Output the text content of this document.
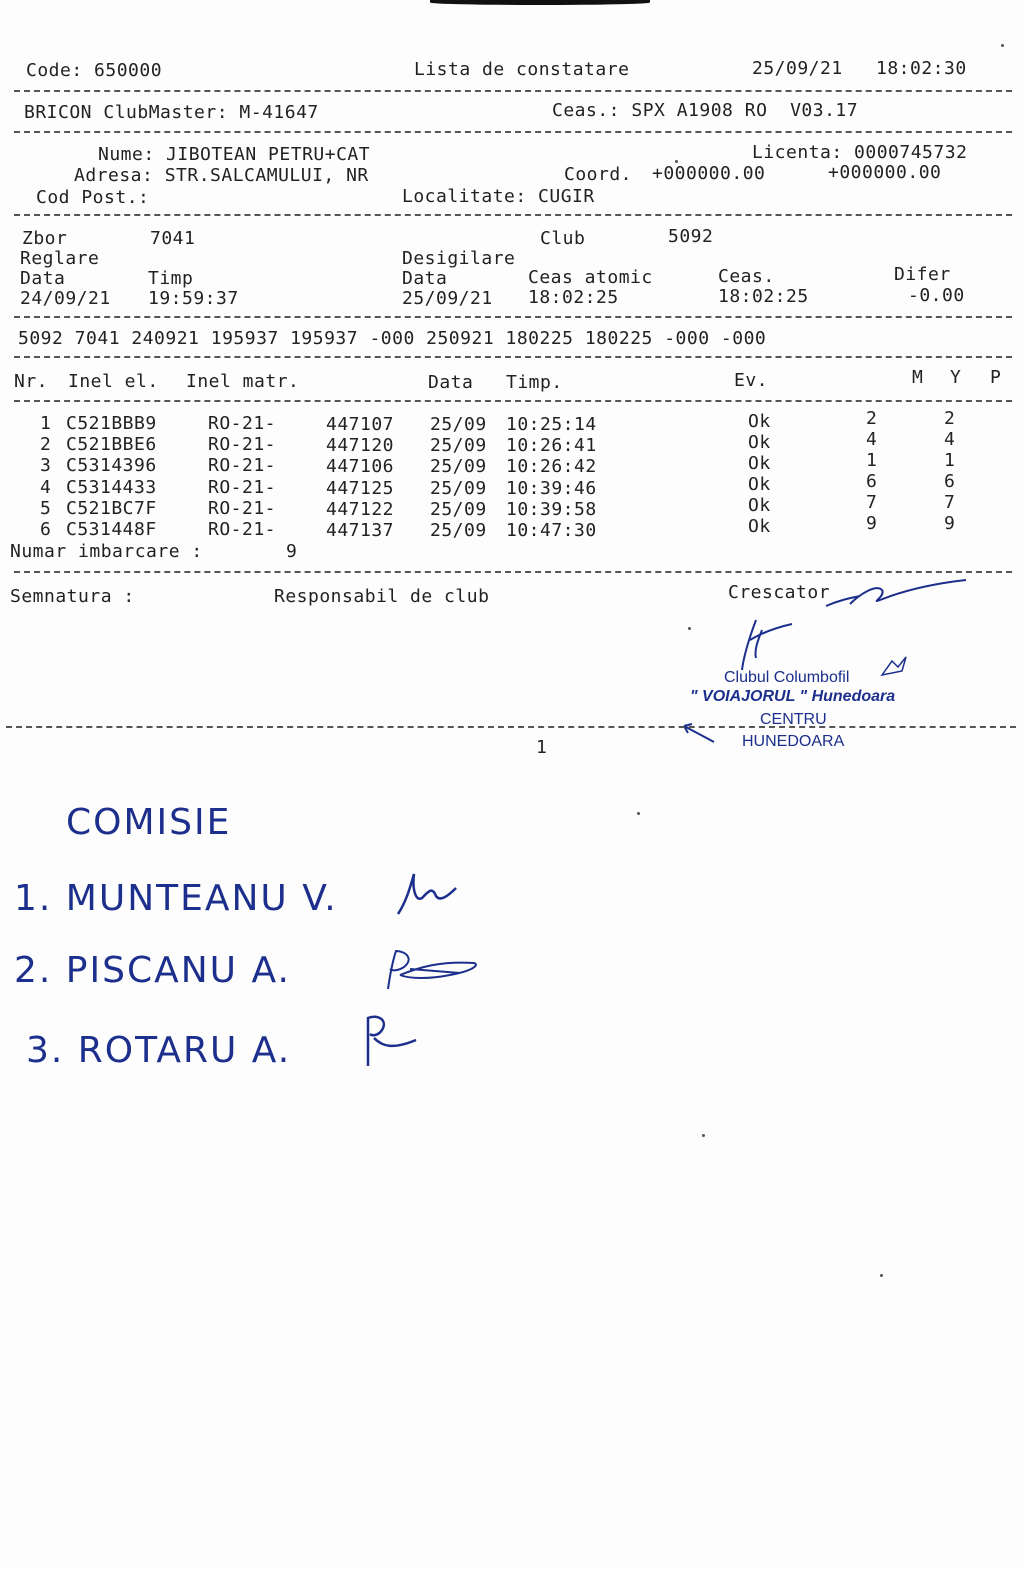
Code: 650000	Lista de constatare	25/09/21 18:02:30
BRICON ClubMaster: M-41647	Ceas.: SPX A1908 RO  V03.17
Nume: JIBOTEAN PETRU+CAT	Licenta: 0000745732
Adresa: STR.SALCAMULUI, NR	Coord. +000000.00	+000000.00
Cod Post.:	Localitate: CUGIR
Zbor	7041	Club	5092
Reglare	Desigilare
Data	Timp	Data	Ceas atomic	Ceas.	Difer
24/09/21 19:59:37	25/09/21 18:02:25	18:02:25	-0.00
5092 7041 240921 195937 195937 -000 250921 180225 180225 -000 -000
Nr. Inel el. Inel matr.	Data Timp.	Ev.	M Y P
1 C521BBB9	RO-21-	447107 25/09 10:25:14	Ok	2	2
2 C521BBE6	RO-21-	447120 25/09 10:26:41	Ok	4	4
3 C5314396	RO-21-	447106 25/09 10:26:42	Ok	1	1
4 C5314433	RO-21-	447125 25/09 10:39:46	Ok	6	6
5 C521BC7F	RO-21-	447122 25/09 10:39:58	Ok	7	7
6 C531448F	RO-21-	447137 25/09 10:47:30	Ok	9	9
Numar imbarcare :	9
Semnatura :	Responsabil de club	Crescator
Clubul Columbofil
" VOIAJORUL " Hunedoara
CENTRU
HUNEDOARA
1
COMISIE
1. MUNTEANU V.
2. PISCANU A.
3. ROTARU A.
